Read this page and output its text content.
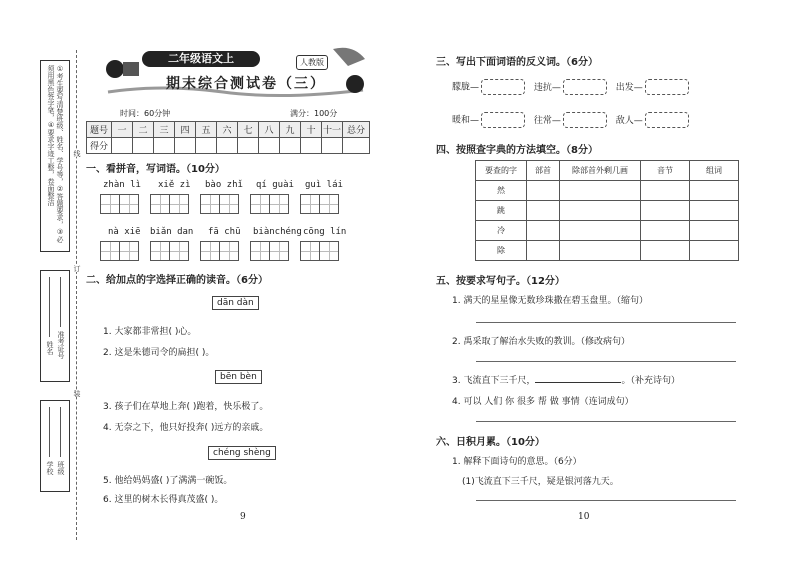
①考生要写清楚班级、姓名、学号等，②答题要求，③必须用黑色签字笔，④要求字迹工整，卷面整洁
姓名 准考证号
学校 班级
线
订
装
二年级语文上	人教版
期末综合测试卷（三）
时间：60分钟	满分：100分
题号	一	二	三	四	五	六	七	八	九	十	十一	总分
得分												
一、看拼音，写词语。（10分）
zhàn lì xiě zì bào zhǐ qí guài guì lái
nà xiē biǎn dan fā chū biànchéng cōng lín
二、给加点的字选择正确的读音。（6分）
dān dàn
1. 大家都非常担( )心。
2. 这是朱德司令的扁担( )。
bēn bèn
3. 孩子们在草地上奔( )跑着，快乐极了。
4. 无奈之下，他只好投奔( )远方的亲戚。
chéng shèng
5. 他给妈妈盛( )了满满一碗饭。
6. 这里的树木长得真茂盛( )。
9
三、写出下面词语的反义词。（6分）
朦胧—	违抗—	出发—
暖和—	往常—	敌人—
四、按照查字典的方法填空。（8分）
要查的字	部首	除部首外剩几画	音节	组词
然				
跳				
冷				
除				
五、按要求写句子。（12分）
1. 满天的星星像无数珍珠撒在碧玉盘里。（缩句）
2. 禹采取了解治水失败的教训。（修改病句）
3. 飞流直下三千尺，	。（补充诗句）
4. 可以 人们 你 很多 帮 做 事情（连词成句）
六、日积月累。（10分）
1. 解释下面诗句的意思。（6分）
(1)飞流直下三千尺，疑是银河落九天。
10
